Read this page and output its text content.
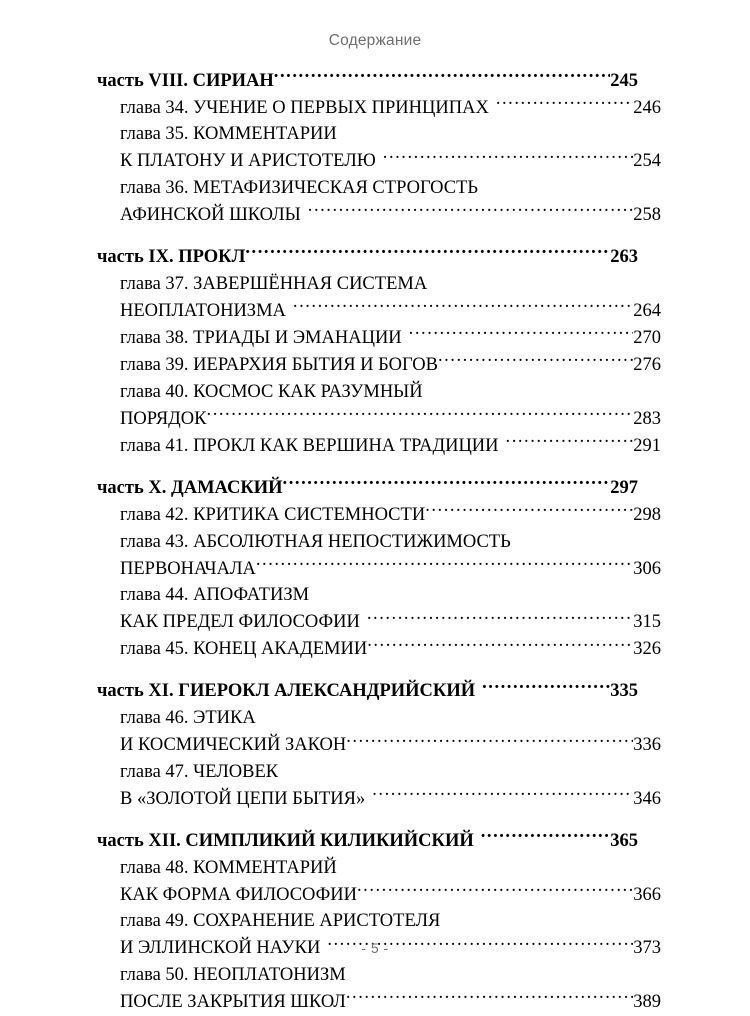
Содержание
часть VIII. СИРИАН .....	245
глава 34. УЧЕНИЕ О ПЕРВЫХ ПРИНЦИПАХ .....	246
глава 35. КОММЕНТАРИИ
К ПЛАТОНУ И АРИСТОТЕЛЮ .....	254
глава 36. МЕТАФИЗИЧЕСКАЯ СТРОГОСТЬ
АФИНСКОЙ ШКОЛЫ .....	258
часть IX. ПРОКЛ .....	263
глава 37. ЗАВЕРШЁННАЯ СИСТЕМА
НЕОПЛАТОНИЗМА .....	264
глава 38. ТРИАДЫ И ЭМАНАЦИИ .....	270
глава 39. ИЕРАРХИЯ БЫТИЯ И БОГОВ .....	276
глава 40. КОСМОС КАК РАЗУМНЫЙ
ПОРЯДОК .....	283
глава 41. ПРОКЛ КАК ВЕРШИНА ТРАДИЦИИ .....	291
часть X. ДАМАСКИЙ .....	297
глава 42. КРИТИКА СИСТЕМНОСТИ .....	298
глава 43. АБСОЛЮТНАЯ НЕПОСТИЖИМОСТЬ
ПЕРВОНАЧАЛА .....	306
глава 44. АПОФАТИЗМ
КАК ПРЕДЕЛ ФИЛОСОФИИ .....	315
глава 45. КОНЕЦ АКАДЕМИИ .....	326
часть XI. ГИЕРОКЛ АЛЕКСАНДРИЙСКИЙ .....	335
глава 46. ЭТИКА
И КОСМИЧЕСКИЙ ЗАКОН .....	336
глава 47. ЧЕЛОВЕК
В «ЗОЛОТОЙ ЦЕПИ БЫТИЯ» .....	346
часть XII. СИМПЛИКИЙ КИЛИКИЙСКИЙ .....	365
глава 48. КОММЕНТАРИЙ
КАК ФОРМА ФИЛОСОФИИ .....	366
глава 49. СОХРАНЕНИЕ АРИСТОТЕЛЯ
И ЭЛЛИНСКОЙ НАУКИ .....	373
глава 50. НЕОПЛАТОНИЗМ
ПОСЛЕ ЗАКРЫТИЯ ШКОЛ .....	389
- 5 -
